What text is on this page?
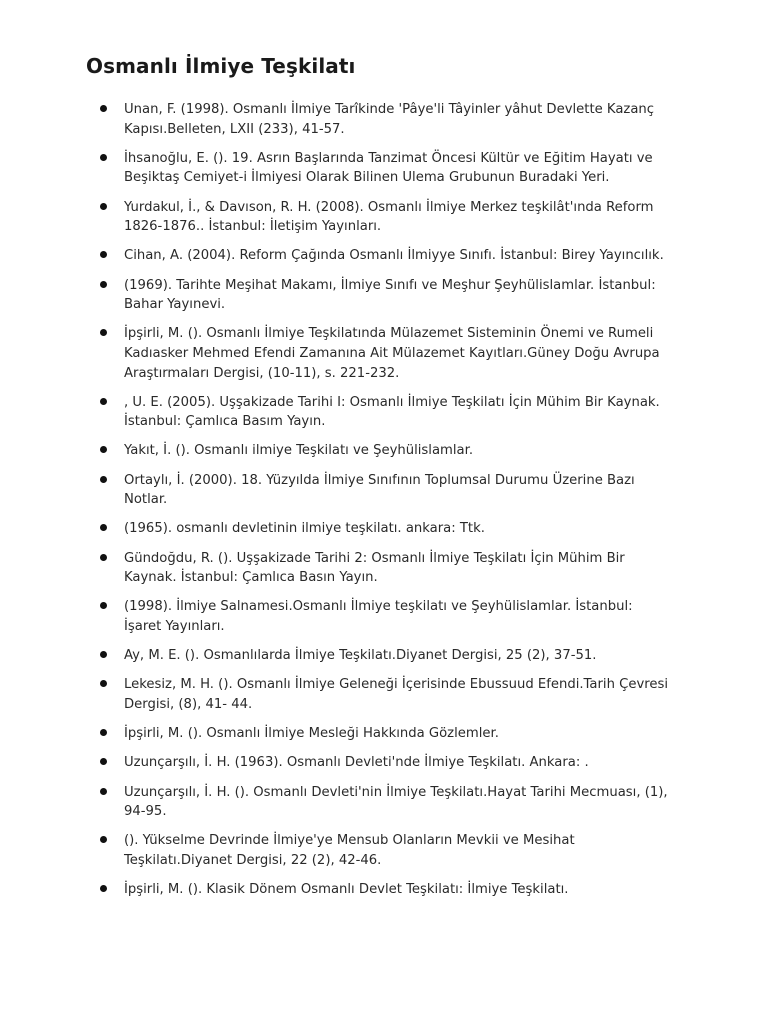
Osmanlı İlmiye Teşkilatı
Unan, F. (1998). Osmanlı İlmiye Tarîkinde 'Pâye'li Tâyinler yâhut Devlette Kazanç Kapısı.Belleten, LXII (233), 41-57.
İhsanoğlu, E. (). 19. Asrın Başlarında Tanzimat Öncesi Kültür ve Eğitim Hayatı ve Beşiktaş Cemiyet-i İlmiyesi Olarak Bilinen Ulema Grubunun Buradaki Yeri.
Yurdakul, İ., & Davıson, R. H. (2008). Osmanlı İlmiye Merkez teşkilât'ında Reform 1826-1876.. İstanbul: İletişim Yayınları.
Cihan, A. (2004). Reform Çağında Osmanlı İlmiyye Sınıfı. İstanbul: Birey Yayıncılık.
(1969). Tarihte Meşihat Makamı, İlmiye Sınıfı ve Meşhur Şeyhülislamlar. İstanbul: Bahar Yayınevi.
İpşirli, M. (). Osmanlı İlmiye Teşkilatında Mülazemet Sisteminin Önemi ve Rumeli Kadıasker Mehmed Efendi Zamanına Ait Mülazemet Kayıtları.Güney Doğu Avrupa Araştırmaları Dergisi, (10-11), s. 221-232.
, U. E. (2005). Uşşakizade Tarihi I: Osmanlı İlmiye Teşkilatı İçin Mühim Bir Kaynak. İstanbul: Çamlıca Basım Yayın.
Yakıt, İ. (). Osmanlı ilmiye Teşkilatı ve Şeyhülislamlar.
Ortaylı, İ. (2000). 18. Yüzyılda İlmiye Sınıfının Toplumsal Durumu Üzerine Bazı Notlar.
(1965). osmanlı devletinin ilmiye teşkilatı. ankara: Ttk.
Gündoğdu, R. (). Uşşakizade Tarihi 2: Osmanlı İlmiye Teşkilatı İçin Mühim Bir Kaynak. İstanbul: Çamlıca Basın Yayın.
(1998). İlmiye Salnamesi.Osmanlı İlmiye teşkilatı ve Şeyhülislamlar. İstanbul: İşaret Yayınları.
Ay, M. E. (). Osmanlılarda İlmiye Teşkilatı.Diyanet Dergisi, 25 (2), 37-51.
Lekesiz, M. H. (). Osmanlı İlmiye Geleneği İçerisinde Ebussuud Efendi.Tarih Çevresi Dergisi, (8), 41- 44.
İpşirli, M. (). Osmanlı İlmiye Mesleği Hakkında Gözlemler.
Uzunçarşılı, İ. H. (1963). Osmanlı Devleti'nde İlmiye Teşkilatı. Ankara: .
Uzunçarşılı, İ. H. (). Osmanlı Devleti'nin İlmiye Teşkilatı.Hayat Tarihi Mecmuası, (1), 94-95.
(). Yükselme Devrinde İlmiye'ye Mensub Olanların Mevkii ve Mesihat Teşkilatı.Diyanet Dergisi, 22 (2), 42-46.
İpşirli, M. (). Klasik Dönem Osmanlı Devlet Teşkilatı: İlmiye Teşkilatı.
